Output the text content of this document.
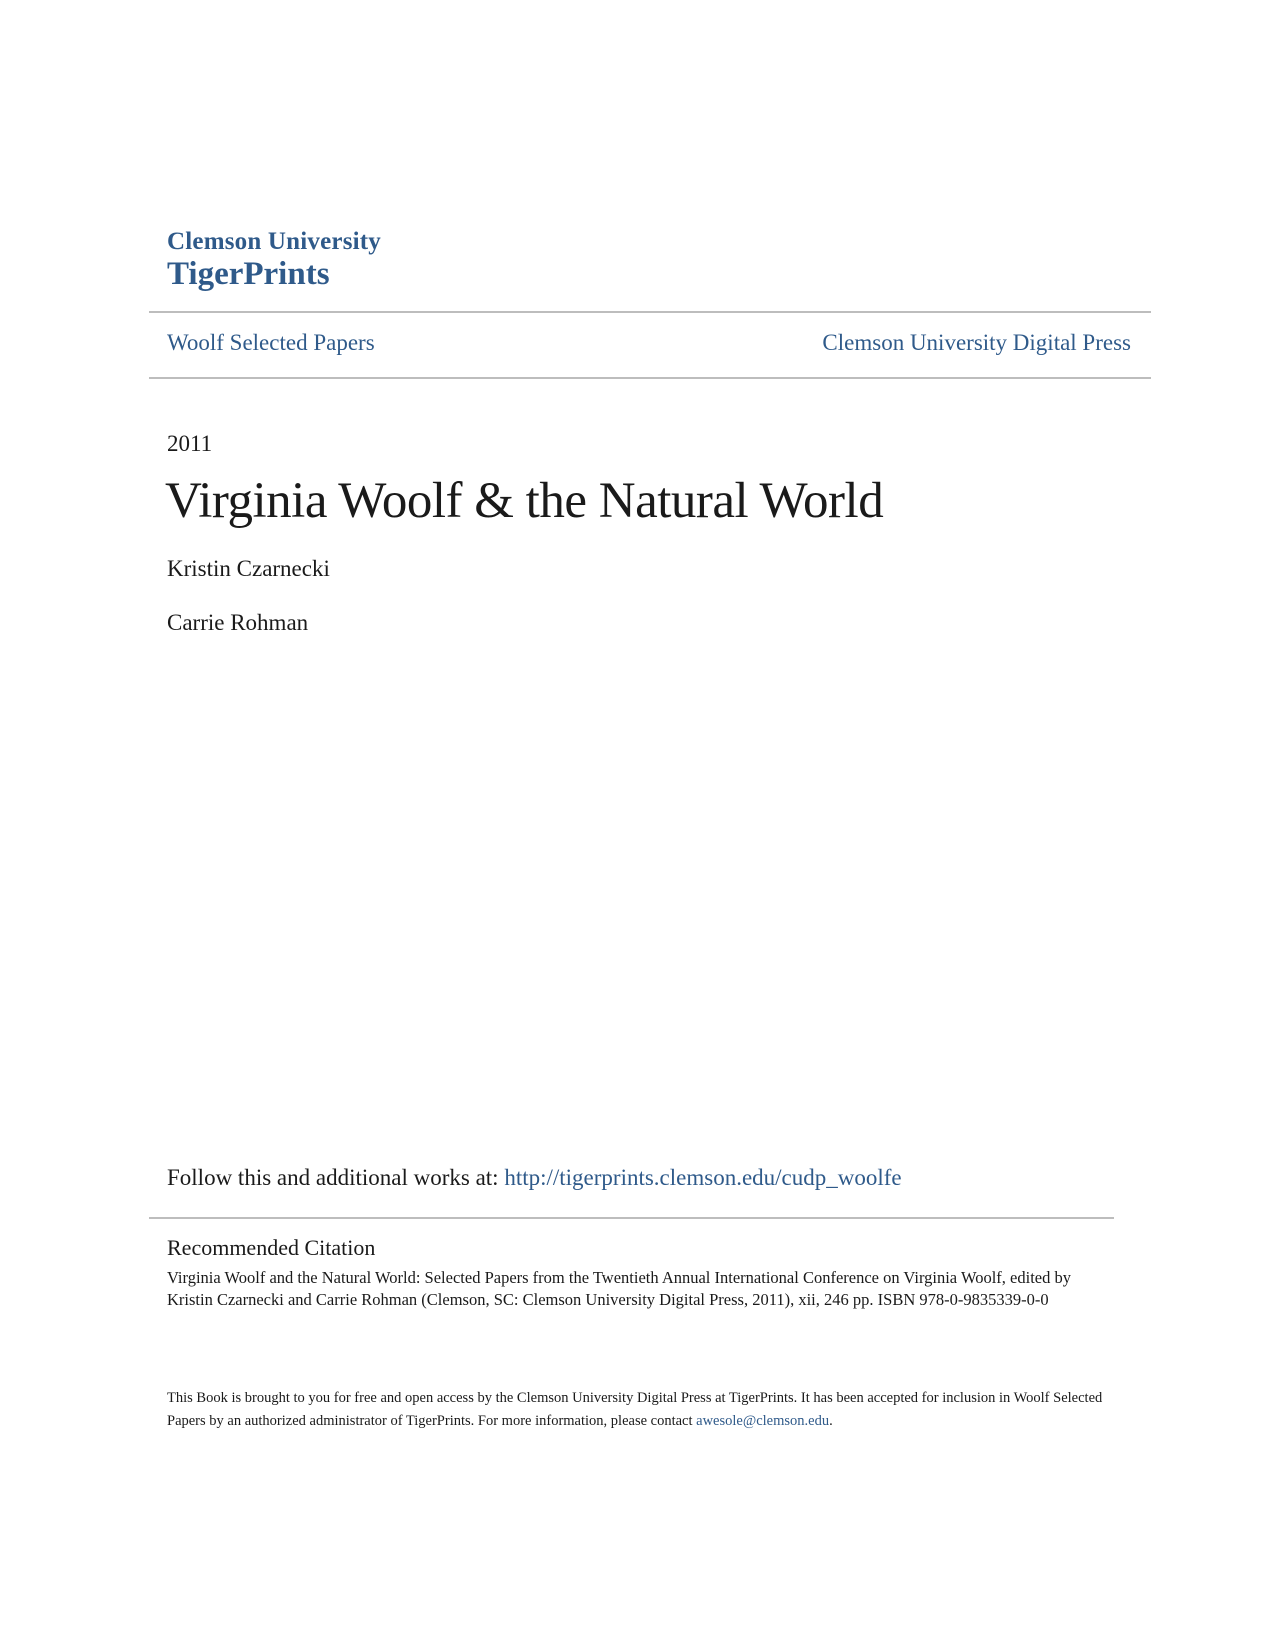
Clemson University
TigerPrints
Woolf Selected Papers	Clemson University Digital Press
2011
Virginia Woolf & the Natural World
Kristin Czarnecki
Carrie Rohman
Follow this and additional works at: http://tigerprints.clemson.edu/cudp_woolfe
Recommended Citation
Virginia Woolf and the Natural World: Selected Papers from the Twentieth Annual International Conference on Virginia Woolf, edited by Kristin Czarnecki and Carrie Rohman (Clemson, SC: Clemson University Digital Press, 2011), xii, 246 pp. ISBN 978-0-9835339-0-0
This Book is brought to you for free and open access by the Clemson University Digital Press at TigerPrints. It has been accepted for inclusion in Woolf Selected Papers by an authorized administrator of TigerPrints. For more information, please contact awesole@clemson.edu.
